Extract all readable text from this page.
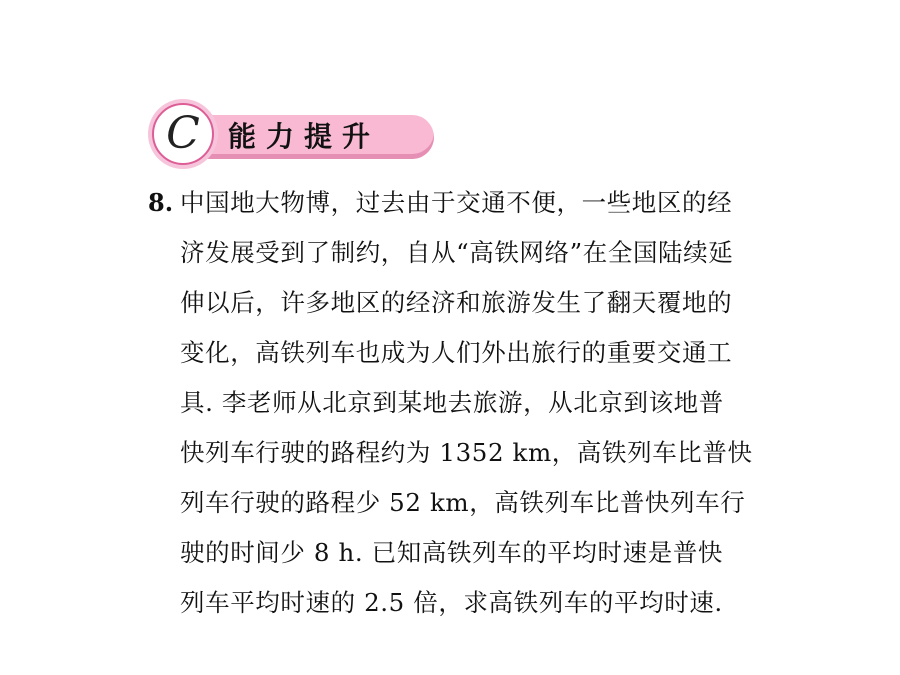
C	能力提升
8. 中国地大物博，过去由于交通不便，一些地区的经
济发展受到了制约，自从“高铁网络”在全国陆续延
伸以后，许多地区的经济和旅游发生了翻天覆地的
变化，高铁列车也成为人们外出旅行的重要交通工
具. 李老师从北京到某地去旅游，从北京到该地普
快列车行驶的路程约为 1352 km，高铁列车比普快
列车行驶的路程少 52 km，高铁列车比普快列车行
驶的时间少 8 h. 已知高铁列车的平均时速是普快
列车平均时速的 2.5 倍，求高铁列车的平均时速.
